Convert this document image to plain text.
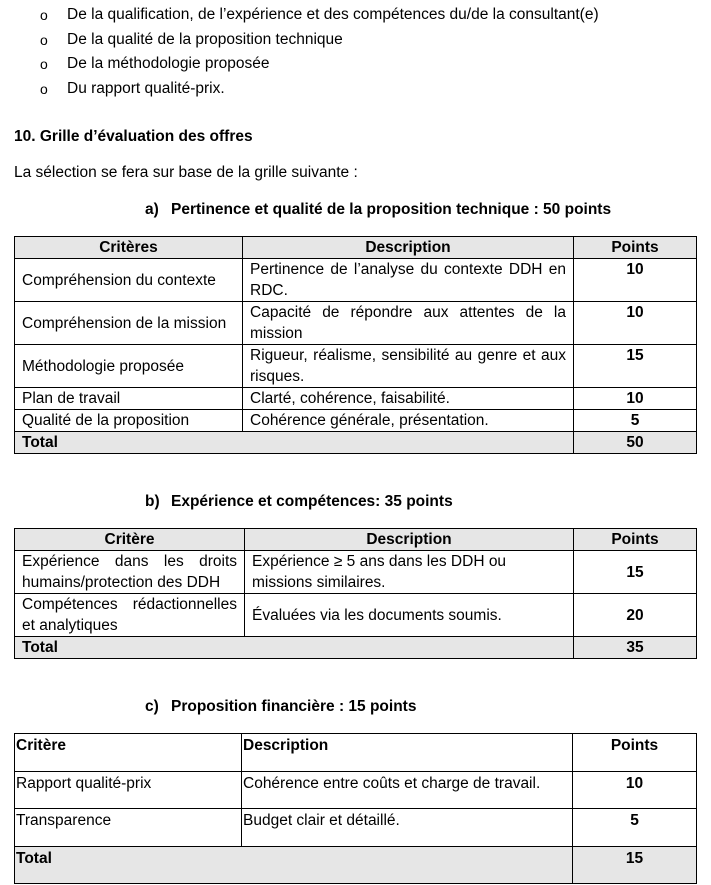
o	De la qualification, de l’expérience et des compétences du/de la consultant(e)
o	De la qualité de la proposition technique
o	De la méthodologie proposée
o	Du rapport qualité-prix.
10. Grille d’évaluation des offres
La sélection se fera sur base de la grille suivante :
a) Pertinence et qualité de la proposition technique : 50 points
Critères	Description	Points
Compréhension du contexte	Pertinence de l’analyse du contexte DDH en RDC.	10
Compréhension de la mission	Capacité de répondre aux attentes de la mission	10
Méthodologie proposée	Rigueur, réalisme, sensibilité au genre et aux risques.	15
Plan de travail	Clarté, cohérence, faisabilité.	10
Qualité de la proposition	Cohérence générale, présentation.	5
Total		50
b) Expérience et compétences: 35 points
Critère	Description	Points
Expérience dans les droits humains/protection des DDH	Expérience ≥ 5 ans dans les DDH ou missions similaires.	15
Compétences rédactionnelles et analytiques	Évaluées via les documents soumis.	20
Total		35
c) Proposition financière : 15 points
Critère	Description	Points
Rapport qualité-prix	Cohérence entre coûts et charge de travail.	10
Transparence	Budget clair et détaillé.	5
Total		15
